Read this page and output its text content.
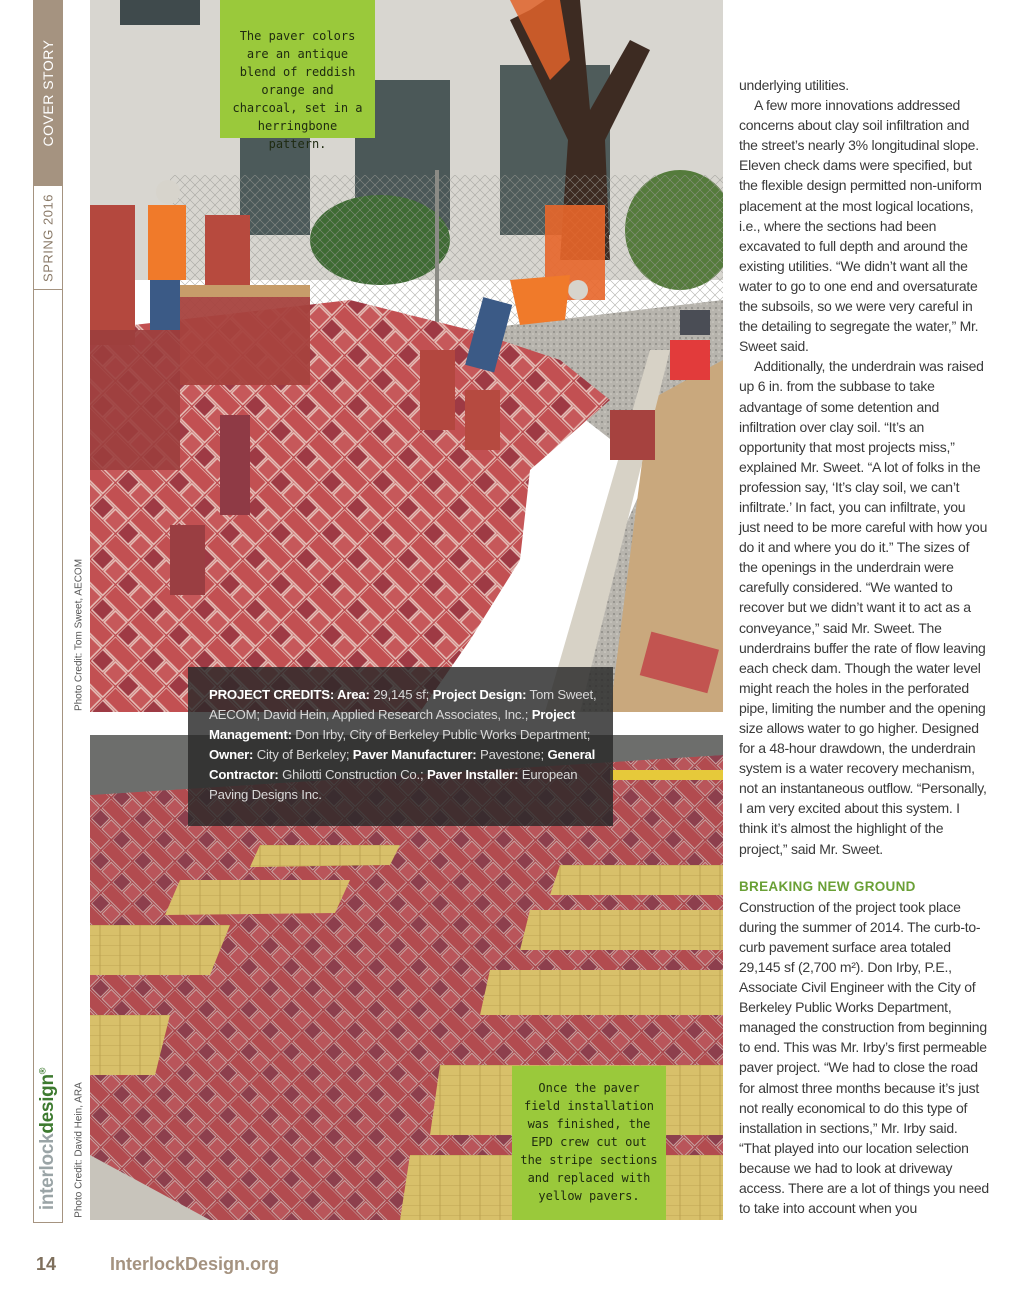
COVER STORY
SPRING 2016
interlockdesign®
Photo Credit: Tom Sweet, AECOM
Photo Credit: David Hein, ARA
The paver colors are an antique blend of reddish orange and charcoal, set in a herringbone pattern.
Once the paver field installation was finished, the EPD crew cut out the stripe sections and replaced with yellow pavers.
PROJECT CREDITS: Area: 29,145 sf; Project Design: Tom Sweet, AECOM; David Hein, Applied Research Associates, Inc.; Project Management: Don Irby, City of Berkeley Public Works Department; Owner: City of Berkeley; Paver Manufacturer: Pavestone; General Contractor: Ghilotti Construction Co.; Paver Installer: European Paving Designs Inc.

underlying utilities.

A few more innovations addressed concerns about clay soil infiltration and the street’s nearly 3% longitudinal slope. Eleven check dams were specified, but the flexible design permitted non-uniform placement at the most logical locations, i.e., where the sections had been excavated to full depth and around the existing utilities. “We didn’t want all the water to go to one end and oversaturate the subsoils, so we were very careful in the detailing to segregate the water,” Mr. Sweet said.

Additionally, the underdrain was raised up 6 in. from the subbase to take advantage of some detention and infiltration over clay soil. “It’s an opportunity that most projects miss,” explained Mr. Sweet. “A lot of folks in the profession say, ‘It’s clay soil, we can’t infiltrate.’ In fact, you can infiltrate, you just need to be more careful with how you do it and where you do it.” The sizes of the openings in the underdrain were carefully considered. “We wanted to recover but we didn’t want it to act as a conveyance,” said Mr. Sweet. The underdrains buffer the rate of flow leaving each check dam. Though the water level might reach the holes in the perforated pipe, limiting the number and the opening size allows water to go higher. Designed for a 48-hour drawdown, the underdrain system is a water recovery mechanism, not an instantaneous outflow. “Personally, I am very excited about this system. I think it’s almost the highlight of the project,” said Mr. Sweet.

BREAKING NEW GROUND

Construction of the project took place during the summer of 2014. The curb-to-curb pavement surface area totaled 29,145 sf (2,700 m²). Don Irby, P.E., Associate Civil Engineer with the City of Berkeley Public Works Department, managed the construction from beginning to end. This was Mr. Irby’s first permeable paver project. “We had to close the road for almost three months because it’s just not really economical to do this type of installation in sections,” Mr. Irby said. “That played into our location selection because we had to look at driveway access. There are a lot of things you need to take into account when you

14	InterlockDesign.org
